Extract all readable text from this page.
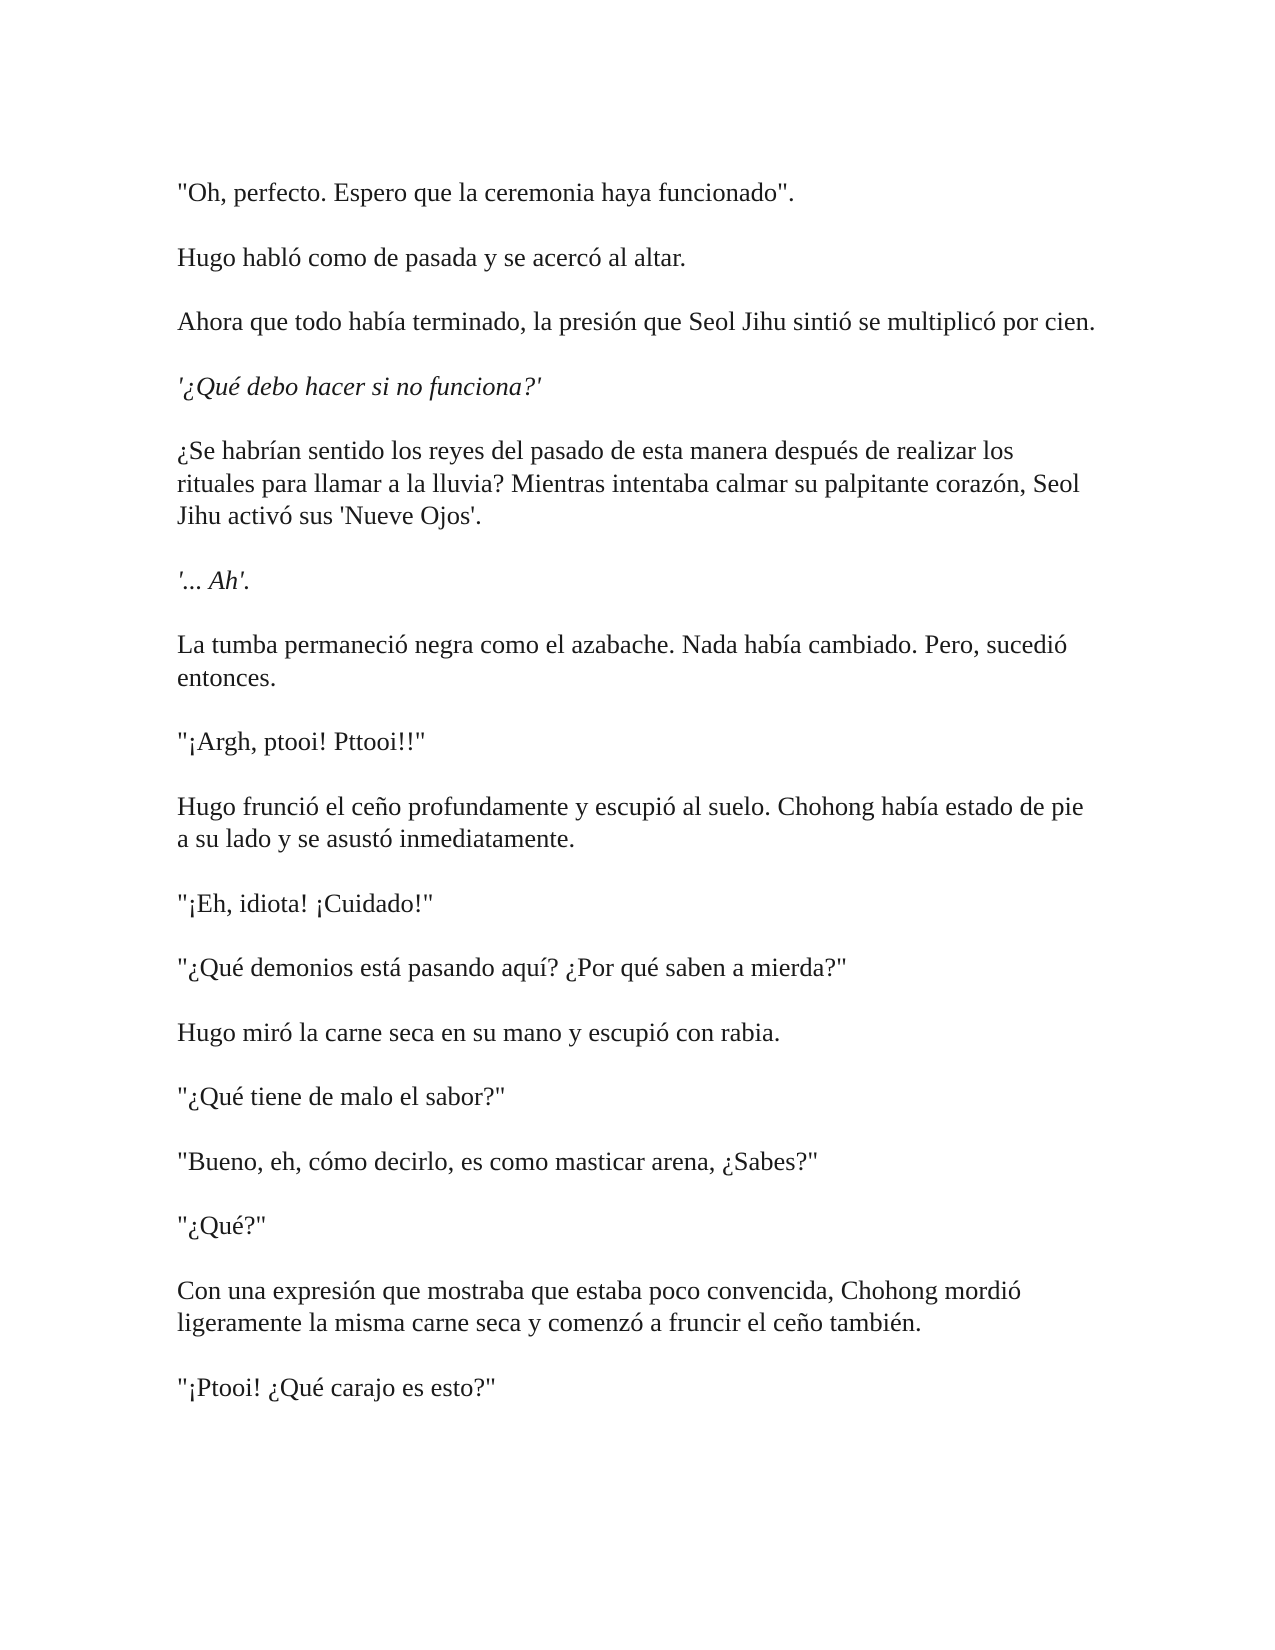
"Oh, perfecto. Espero que la ceremonia haya funcionado".

Hugo habló como de pasada y se acercó al altar.

Ahora que todo había terminado, la presión que Seol Jihu sintió se multiplicó por cien.

'¿Qué debo hacer si no funciona?'

¿Se habrían sentido los reyes del pasado de esta manera después de realizar los rituales para llamar a la lluvia? Mientras intentaba calmar su palpitante corazón, Seol Jihu activó sus 'Nueve Ojos'.

'... Ah'.

La tumba permaneció negra como el azabache. Nada había cambiado. Pero, sucedió entonces.

"¡Argh, ptooi! Pttooi!!"

Hugo frunció el ceño profundamente y escupió al suelo. Chohong había estado de pie a su lado y se asustó inmediatamente.

"¡Eh, idiota! ¡Cuidado!"

"¿Qué demonios está pasando aquí? ¿Por qué saben a mierda?"

Hugo miró la carne seca en su mano y escupió con rabia.

"¿Qué tiene de malo el sabor?"

"Bueno, eh, cómo decirlo, es como masticar arena, ¿Sabes?"

"¿Qué?"

Con una expresión que mostraba que estaba poco convencida, Chohong mordió ligeramente la misma carne seca y comenzó a fruncir el ceño también.

"¡Ptooi! ¿Qué carajo es esto?"
